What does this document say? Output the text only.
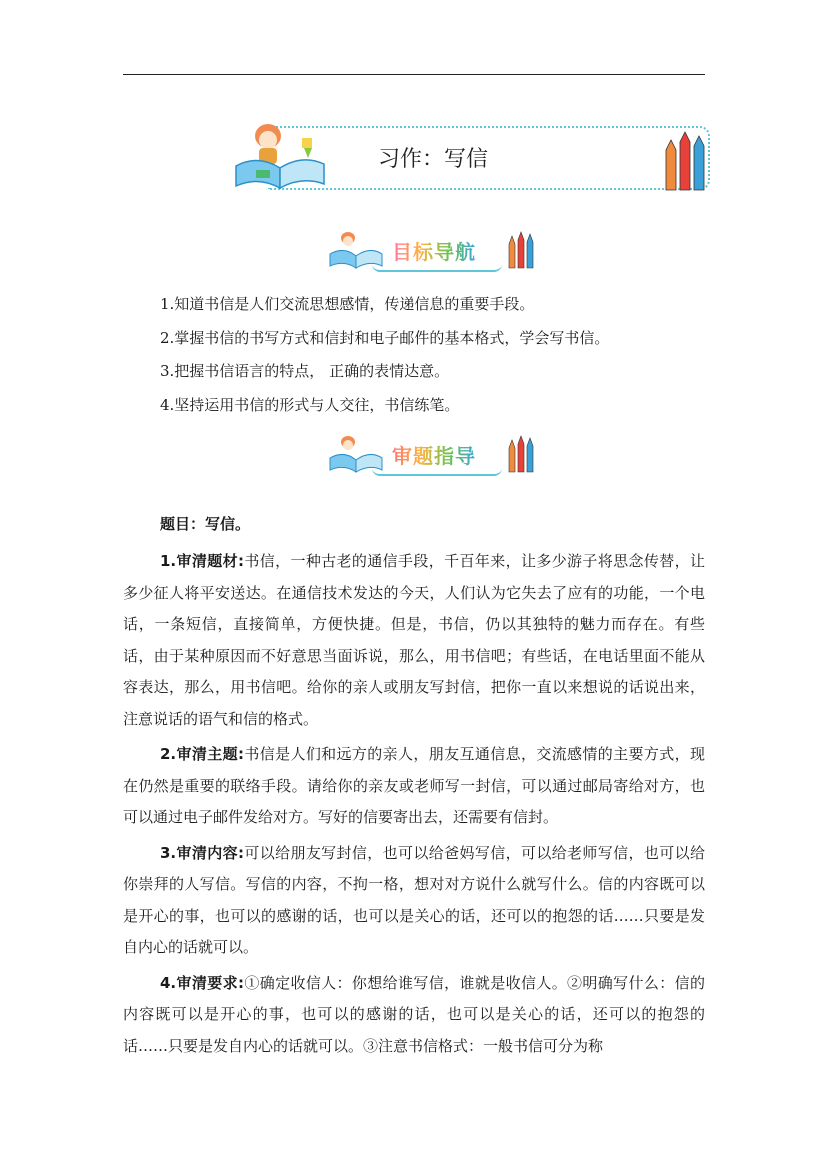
习作：写信
目标导航
1.知道书信是人们交流思想感情，传递信息的重要手段。
2.掌握书信的书写方式和信封和电子邮件的基本格式，学会写书信。
3.把握书信语言的特点， 正确的表情达意。
4.坚持运用书信的形式与人交往，书信练笔。
审题指导

题目：写信。

1.审清题材:书信，一种古老的通信手段，千百年来，让多少游子将思念传替，让多少征人将平安送达。在通信技术发达的今天，人们认为它失去了应有的功能，一个电话，一条短信，直接简单，方便快捷。但是，书信，仍以其独特的魅力而存在。有些话，由于某种原因而不好意思当面诉说，那么，用书信吧；有些话，在电话里面不能从容表达，那么，用书信吧。给你的亲人或朋友写封信，把你一直以来想说的话说出来，注意说话的语气和信的格式。

2.审清主题:书信是人们和远方的亲人，朋友互通信息，交流感情的主要方式，现在仍然是重要的联络手段。请给你的亲友或老师写一封信，可以通过邮局寄给对方，也可以通过电子邮件发给对方。写好的信要寄出去，还需要有信封。

3.审清内容:可以给朋友写封信，也可以给爸妈写信，可以给老师写信，也可以给你崇拜的人写信。写信的内容，不拘一格，想对对方说什么就写什么。信的内容既可以是开心的事，也可以的感谢的话，也可以是关心的话，还可以的抱怨的话……只要是发自内心的话就可以。

4.审清要求:①确定收信人：你想给谁写信，谁就是收信人。②明确写什么：信的内容既可以是开心的事，也可以的感谢的话，也可以是关心的话，还可以的抱怨的话……只要是发自内心的话就可以。③注意书信格式：一般书信可分为称
